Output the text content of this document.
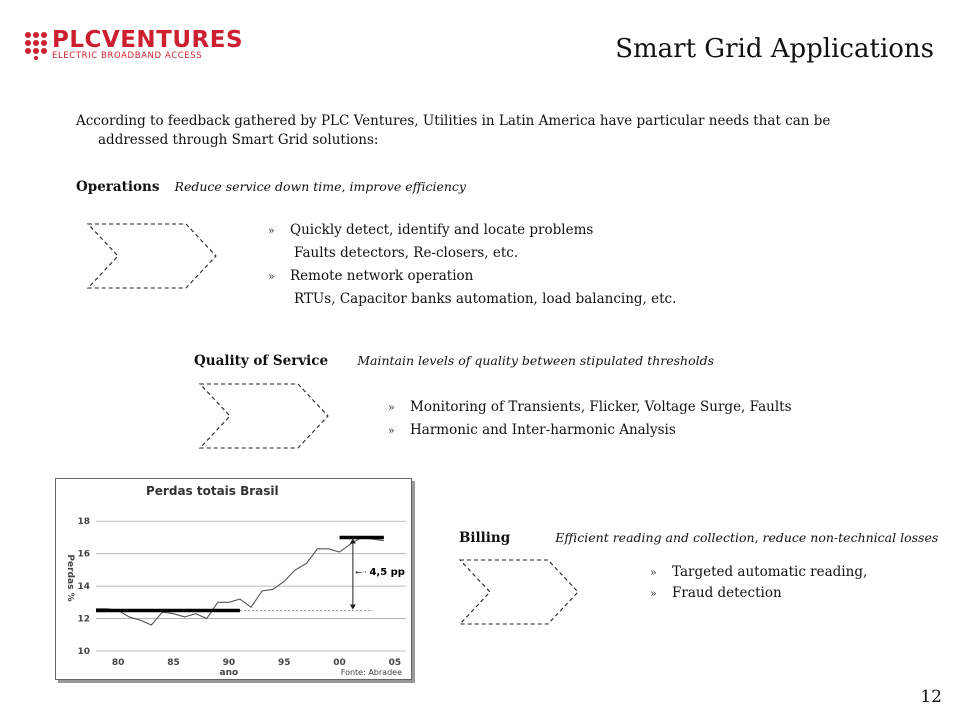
PLCVENTURES
ELECTRIC BROADBAND ACCESS	Smart Grid Applications
According to feedback gathered by PLC Ventures, Utilities in Latin America have particular needs that can be
addressed through Smart Grid solutions:
Operations Reduce service down time, improve efficiency
» Quickly detect, identify and locate problems
Faults detectors, Re-closers, etc.
» Remote network operation
RTUs, Capacitor banks automation, load balancing, etc.
Quality of Service Maintain levels of quality between stipulated thresholds
» Monitoring of Transients, Flicker, Voltage Surge, Faults
» Harmonic and Inter-harmonic Analysis
Billing	Efficient reading and collection, reduce non-technical losses
» Targeted automatic reading,
» Fraud detection
Perdas totais Brasil
10
12
14
16
18
80	85	90	95	00	05
ano
Perdas %	←·· 4,5 pp
Fonte: Abradee
12
